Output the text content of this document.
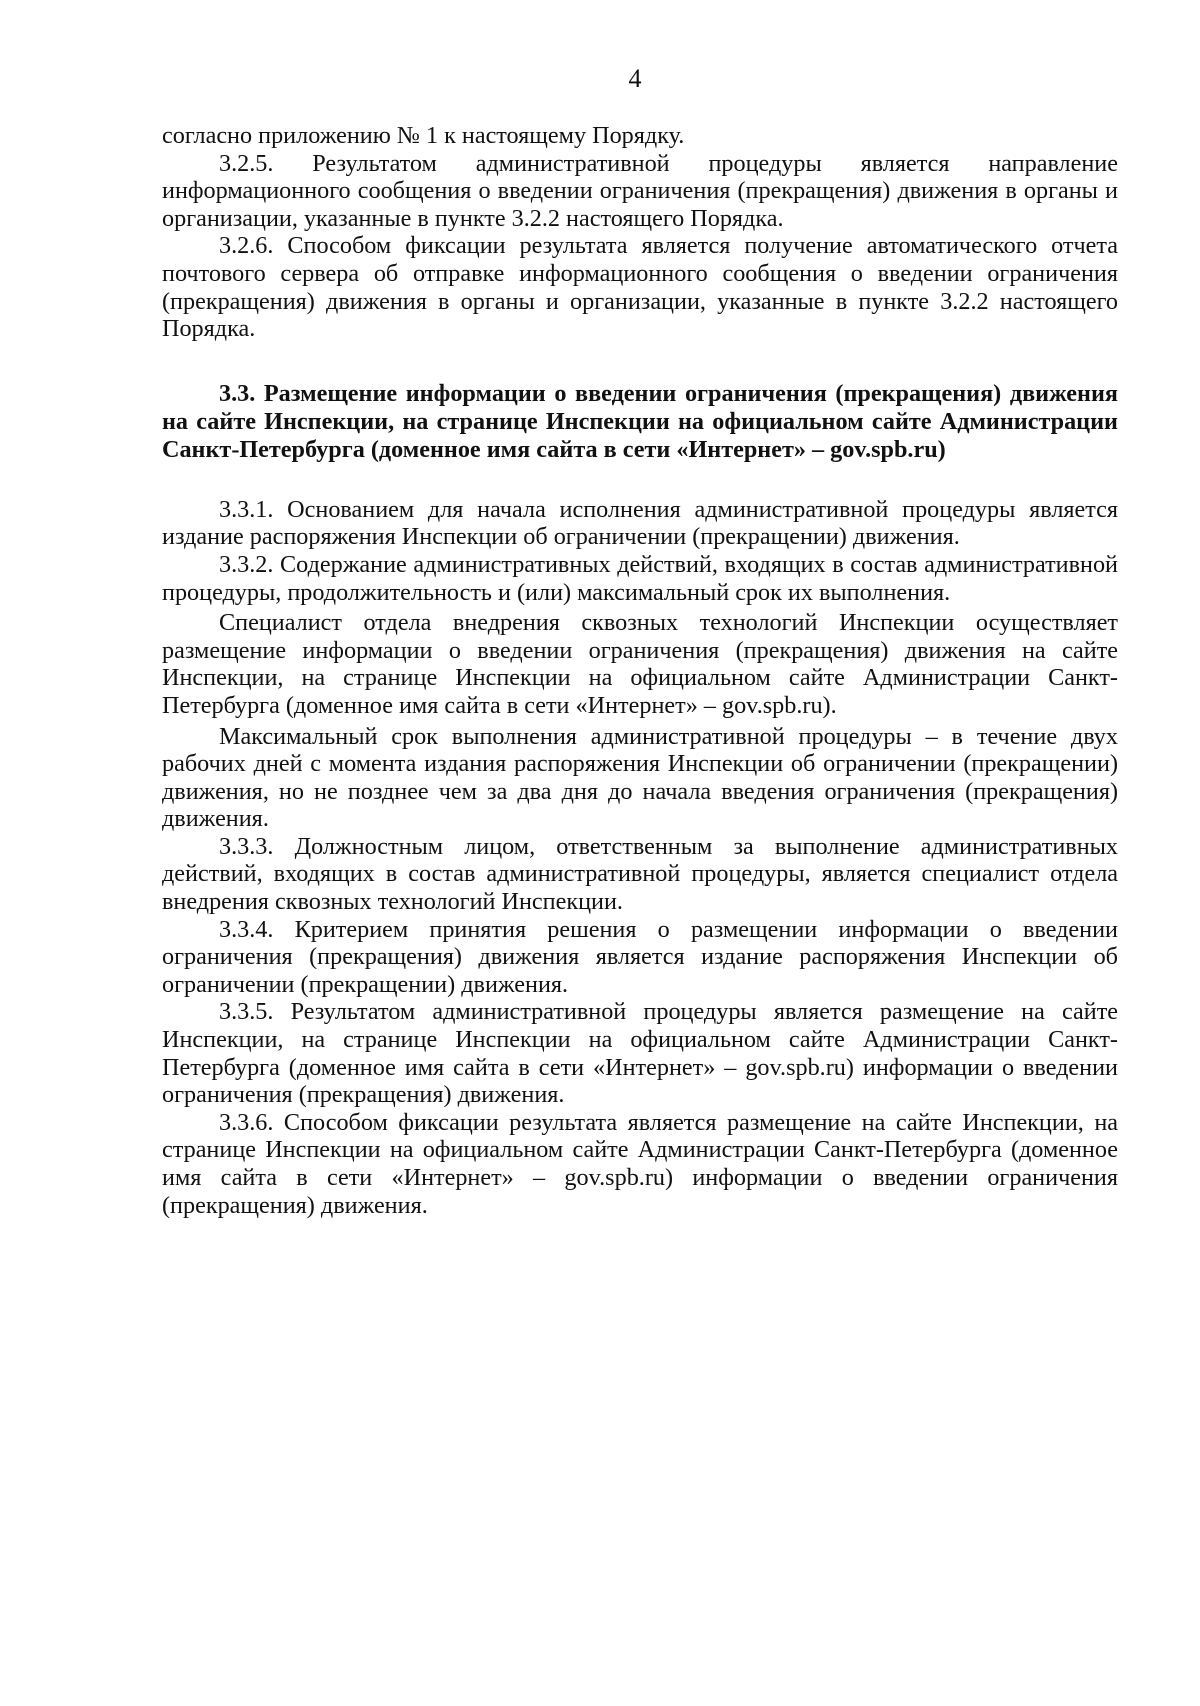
4

согласно приложению № 1 к настоящему Порядку.

3.2.5. Результатом административной процедуры является направление информационного сообщения о введении ограничения (прекращения) движения в органы и организации, указанные в пункте 3.2.2 настоящего Порядка.

3.2.6. Способом фиксации результата является получение автоматического отчета почтового сервера об отправке информационного сообщения о введении ограничения (прекращения) движения в органы и организации, указанные в пункте 3.2.2 настоящего Порядка.

3.3. Размещение информации о введении ограничения (прекращения) движения на сайте Инспекции, на странице Инспекции на официальном сайте Администрации Санкт-Петербурга (доменное имя сайта в сети «Интернет» – gov.spb.ru)

3.3.1. Основанием для начала исполнения административной процедуры является издание распоряжения Инспекции об ограничении (прекращении) движения.

3.3.2. Содержание административных действий, входящих в состав административной процедуры, продолжительность и (или) максимальный срок их выполнения.

Специалист отдела внедрения сквозных технологий Инспекции осуществляет размещение информации о введении ограничения (прекращения) движения на сайте Инспекции, на странице Инспекции на официальном сайте Администрации Санкт-Петербурга (доменное имя сайта в сети «Интернет» – gov.spb.ru).

Максимальный срок выполнения административной процедуры – в течение двух рабочих дней с момента издания распоряжения Инспекции об ограничении (прекращении) движения, но не позднее чем за два дня до начала введения ограничения (прекращения) движения.

3.3.3. Должностным лицом, ответственным за выполнение административных действий, входящих в состав административной процедуры, является специалист отдела внедрения сквозных технологий Инспекции.

3.3.4. Критерием принятия решения о размещении информации о введении ограничения (прекращения) движения является издание распоряжения Инспекции об ограничении (прекращении) движения.

3.3.5. Результатом административной процедуры является размещение на сайте Инспекции, на странице Инспекции на официальном сайте Администрации Санкт-Петербурга (доменное имя сайта в сети «Интернет» – gov.spb.ru) информации о введении ограничения (прекращения) движения.

3.3.6. Способом фиксации результата является размещение на сайте Инспекции, на странице Инспекции на официальном сайте Администрации Санкт-Петербурга (доменное имя сайта в сети «Интернет» – gov.spb.ru) информации о введении ограничения (прекращения) движения.
